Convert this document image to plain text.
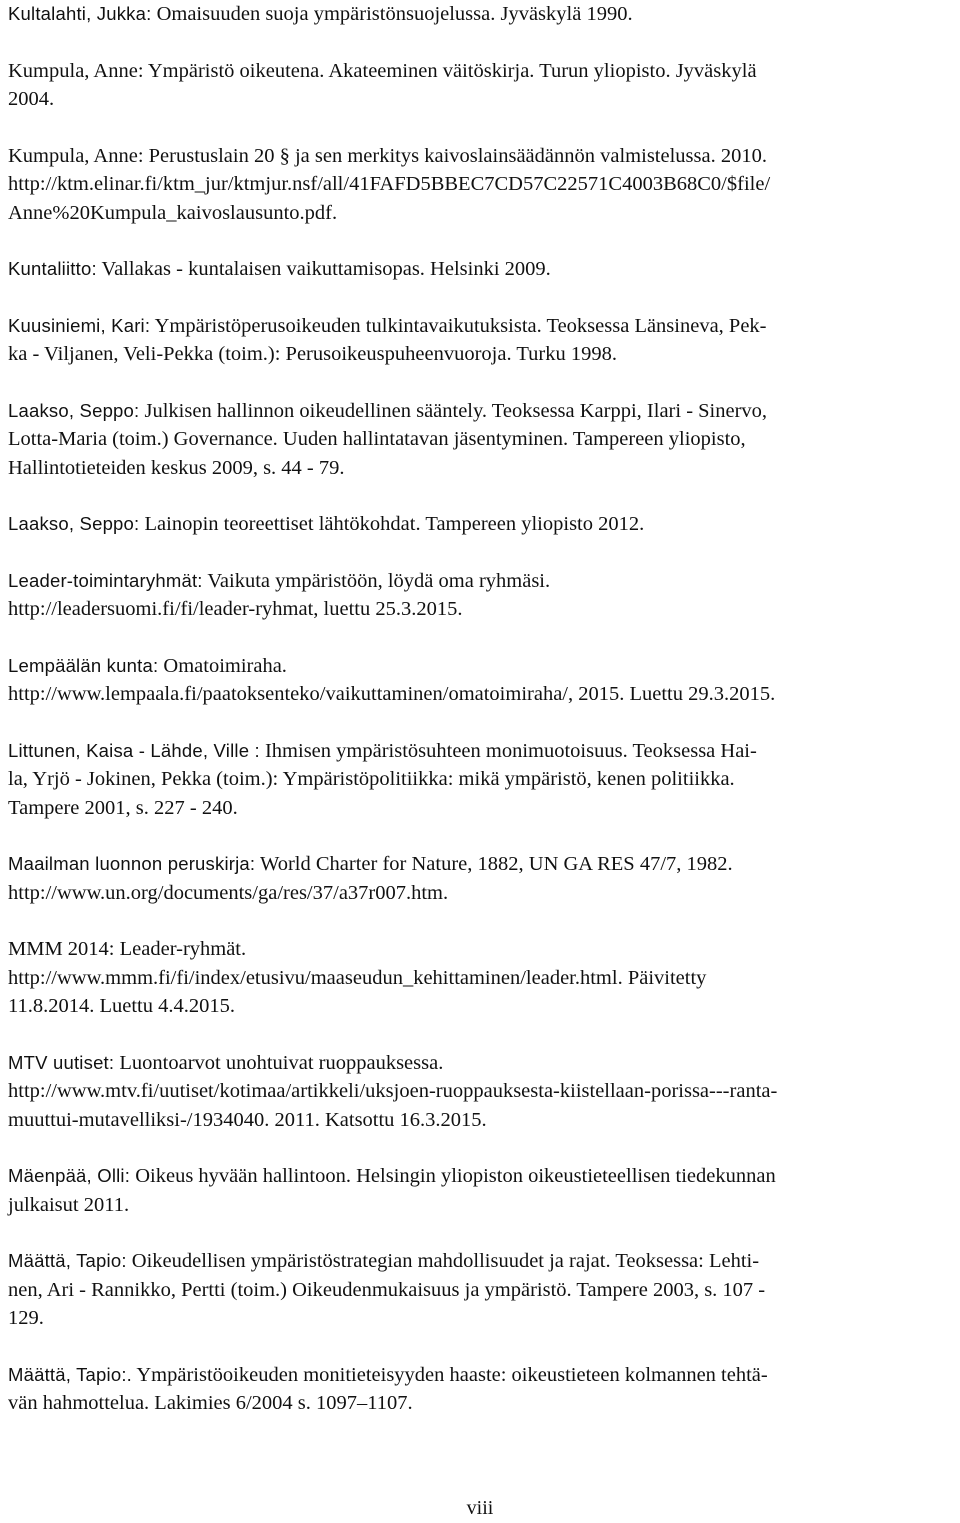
Kultalahti, Jukka: Omaisuuden suoja ympäristönsuojelussa. Jyväskylä 1990.
Kumpula, Anne: Ympäristö oikeutena. Akateeminen väitöskirja. Turun yliopisto. Jyväskylä
2004.
Kumpula, Anne: Perustuslain 20 § ja sen merkitys kaivoslainsäädännön valmistelussa. 2010.
http://ktm.elinar.fi/ktm_jur/ktmjur.nsf/all/41FAFD5BBEC7CD57C22571C4003B68C0/$file/
Anne%20Kumpula_kaivoslausunto.pdf.
Kuntaliitto: Vallakas - kuntalaisen vaikuttamisopas. Helsinki 2009.
Kuusiniemi, Kari: Ympäristöperusoikeuden tulkintavaikutuksista. Teoksessa Länsineva, Pek-
ka - Viljanen, Veli-Pekka (toim.): Perusoikeuspuheenvuoroja. Turku 1998.
Laakso, Seppo: Julkisen hallinnon oikeudellinen sääntely. Teoksessa Karppi, Ilari - Sinervo,
Lotta-Maria (toim.) Governance. Uuden hallintatavan jäsentyminen. Tampereen yliopisto,
Hallintotieteiden keskus 2009, s. 44 - 79.
Laakso, Seppo: Lainopin teoreettiset lähtökohdat. Tampereen yliopisto 2012.
Leader-toimintaryhmät: Vaikuta ympäristöön, löydä oma ryhmäsi.
http://leadersuomi.fi/fi/leader-ryhmat, luettu 25.3.2015.
Lempäälän kunta: Omatoimiraha.
http://www.lempaala.fi/paatoksenteko/vaikuttaminen/omatoimiraha/, 2015. Luettu 29.3.2015.
Littunen, Kaisa - Lähde, Ville : Ihmisen ympäristösuhteen monimuotoisuus. Teoksessa Hai-
la, Yrjö - Jokinen, Pekka (toim.): Ympäristöpolitiikka: mikä ympäristö, kenen politiikka.
Tampere 2001, s. 227 - 240.
Maailman luonnon peruskirja: World Charter for Nature, 1882, UN GA RES 47/7, 1982.
http://www.un.org/documents/ga/res/37/a37r007.htm.
MMM 2014: Leader-ryhmät.
http://www.mmm.fi/fi/index/etusivu/maaseudun_kehittaminen/leader.html. Päivitetty
11.8.2014. Luettu 4.4.2015.
MTV uutiset: Luontoarvot unohtuivat ruoppauksessa.
http://www.mtv.fi/uutiset/kotimaa/artikkeli/uksjoen-ruoppauksesta-kiistellaan-porissa---ranta-
muuttui-mutavelliksi-/1934040. 2011. Katsottu 16.3.2015.
Mäenpää, Olli: Oikeus hyvään hallintoon. Helsingin yliopiston oikeustieteellisen tiedekunnan
julkaisut 2011.
Määttä, Tapio: Oikeudellisen ympäristöstrategian mahdollisuudet ja rajat. Teoksessa: Lehti-
nen, Ari - Rannikko, Pertti (toim.) Oikeudenmukaisuus ja ympäristö. Tampere 2003, s. 107 -
129.
Määttä, Tapio:. Ympäristöoikeuden monitieteisyyden haaste: oikeustieteen kolmannen tehtä-
vän hahmottelua. Lakimies 6/2004 s. 1097–1107.
viii
